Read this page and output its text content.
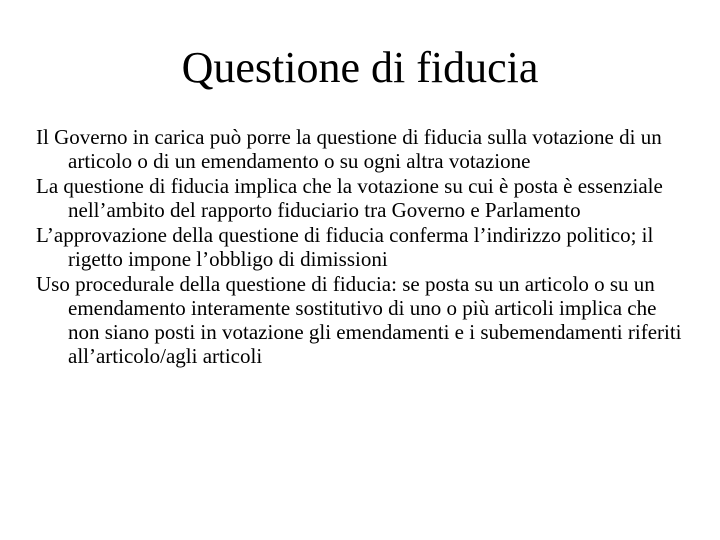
Questione di fiducia
Il Governo in carica può porre la questione di fiducia sulla votazione di un articolo o di un emendamento o su ogni altra votazione
La questione di fiducia implica che la votazione su cui è posta è essenziale nell’ambito del rapporto fiduciario tra Governo e Parlamento
L’approvazione della questione di fiducia conferma l’indirizzo politico; il rigetto impone l’obbligo di dimissioni
Uso procedurale della questione di fiducia: se posta su un articolo o su un emendamento interamente sostitutivo di uno o più articoli implica che non siano posti in votazione gli emendamenti e i subemendamenti riferiti all’articolo/agli articoli
